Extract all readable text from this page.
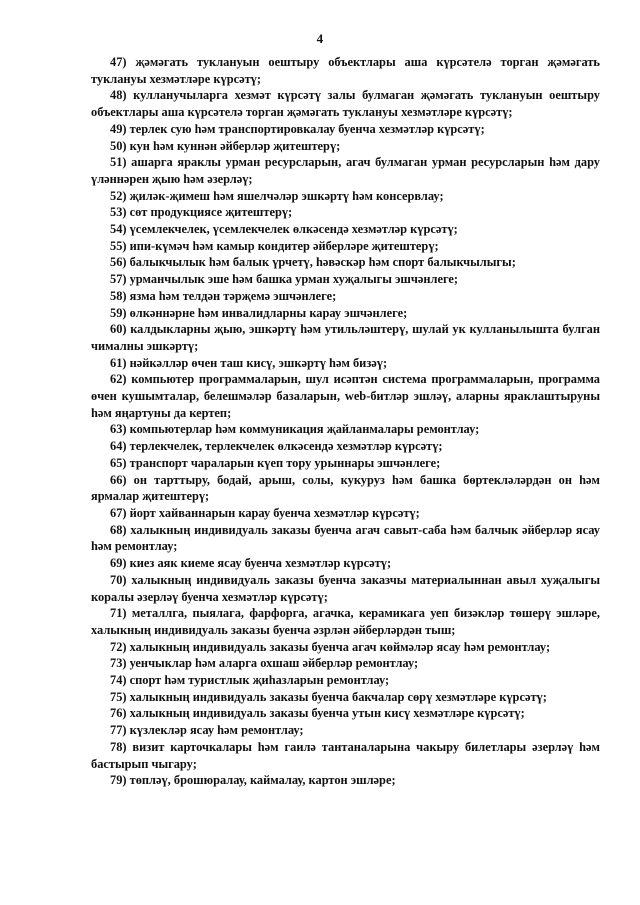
4

47) җәмәгать туклануын оештыру объектлары аша күрсәтелә торган җәмәгать туклануы хезмәтләре күрсәтү;

48) кулланучыларга хезмәт күрсәтү залы булмаган җәмәгать туклануын оештыру объектлары аша күрсәтелә торган җәмәгать туклануы хезмәтләре күрсәтү;

49) терлек сую һәм транспортировкалау буенча хезмәтләр күрсәтү;

50) кун һәм куннән әйберләр җитештерү;

51) ашарга яраклы урман ресурсларын, агач булмаган урман ресурсларын һәм дару үләннәрен җыю һәм әзерләү;

52) җиләк-җимеш һәм яшелчәләр эшкәртү һәм консервлау;

53) сөт продукциясе җитештерү;

54) үсемлекчелек, үсемлекчелек өлкәсендә хезмәтләр күрсәтү;

55) ипи-күмәч һәм камыр кондитер әйберләре җитештерү;

56) балыкчылык һәм балык үрчетү, һәвәскәр һәм спорт балыкчылыгы;

57) урманчылык эше һәм башка урман хуҗалыгы эшчәнлеге;

58) язма һәм телдән тәрҗемә эшчәнлеге;

59) өлкәннәрне һәм инвалидларны карау эшчәнлеге;

60) калдыкларны җыю, эшкәртү һәм утильләштерү, шулай ук кулланылышта булган чималны эшкәртү;

61) нәйкәлләр өчен таш кисү, эшкәртү һәм бизәү;

62) компьютер программаларын, шул исәптән система программаларын, программа өчен кушымталар, белешмәләр базаларын, web-битләр эшләү, аларны яраклаштыруны һәм яңартуны да кертеп;

63) компьютерлар һәм коммуникация җайланмалары ремонтлау;

64) терлекчелек, терлекчелек өлкәсендә хезмәтләр күрсәтү;

65) транспорт чараларын күеп тору урыннары эшчәнлеге;

66) он тарттыру, бодай, арыш, солы, кукуруз һәм башка бөртекләләрдән он һәм ярмалар җитештерү;

67) йорт хайваннарын карау буенча хезмәтләр күрсәтү;

68) халыкның индивидуаль заказы буенча агач савыт-саба һәм балчык әйберләр ясау һәм ремонтлау;

69) киез аяк киеме ясау буенча хезмәтләр күрсәтү;

70) халыкның индивидуаль заказы буенча заказчы материалыннан авыл хуҗалыгы коралы әзерләү буенча хезмәтләр күрсәтү;

71) металлга, пыялага, фарфорга, агачка, керамикага уеп бизәкләр төшерү эшләре, халыкның индивидуаль заказы буенча әзрлән әйберләрдән тыш;

72) халыкның индивидуаль заказы буенча агач көймәләр ясау һәм ремонтлау;

73) уенчыклар һәм аларга охшаш әйберләр ремонтлау;

74) спорт һәм туристлык җиһазларын ремонтлау;

75) халыкның индивидуаль заказы буенча бакчалар сөрү хезмәтләре күрсәтү;

76) халыкның индивидуаль заказы буенча утын кисү хезмәтләре күрсәтү;

77) күзлекләр ясау һәм ремонтлау;

78) визит карточкалары һәм гаилә тантаналарына чакыру билетлары әзерләү һәм бастырып чыгару;

79) төпләү, брошюралау, каймалау, картон эшләре;
